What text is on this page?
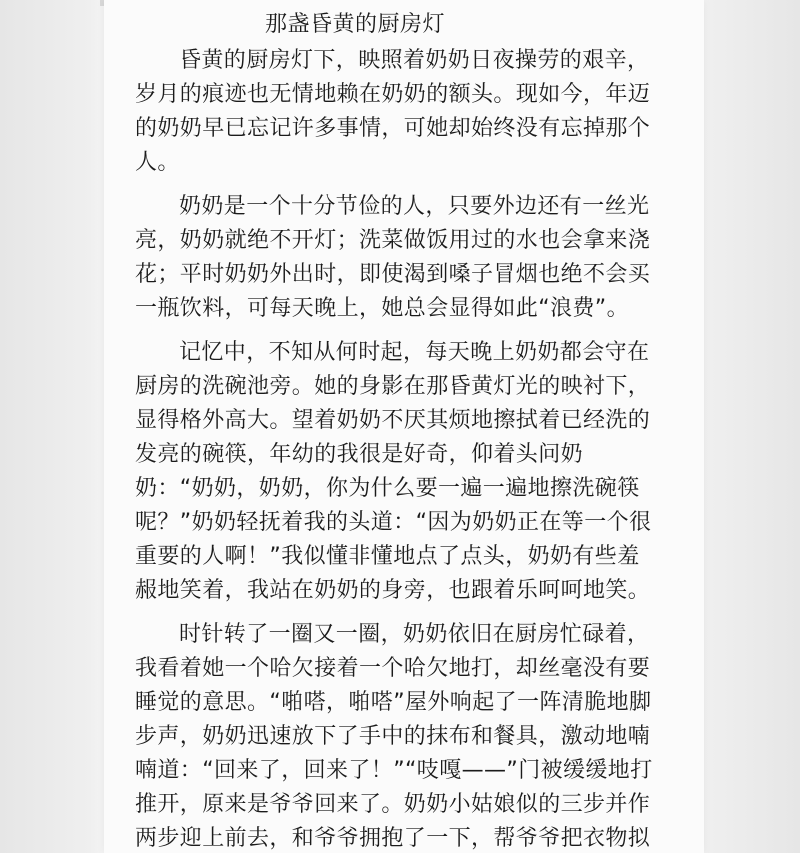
那盏昏黄的厨房灯

昏黄的厨房灯下，映照着奶奶日夜操劳的艰辛，岁月的痕迹也无情地赖在奶奶的额头。现如今，年迈的奶奶早已忘记许多事情，可她却始终没有忘掉那个人。

奶奶是一个十分节俭的人，只要外边还有一丝光亮，奶奶就绝不开灯；洗菜做饭用过的水也会拿来浇花；平时奶奶外出时，即使渴到嗓子冒烟也绝不会买一瓶饮料，可每天晚上，她总会显得如此“浪费”。

记忆中，不知从何时起，每天晚上奶奶都会守在厨房的洗碗池旁。她的身影在那昏黄灯光的映衬下，显得格外高大。望着奶奶不厌其烦地擦拭着已经洗的发亮的碗筷，年幼的我很是好奇，仰着头问奶奶：“奶奶，奶奶，你为什么要一遍一遍地擦洗碗筷呢？”奶奶轻抚着我的头道：“因为奶奶正在等一个很重要的人啊！”我似懂非懂地点了点头，奶奶有些羞赧地笑着，我站在奶奶的身旁，也跟着乐呵呵地笑。

时针转了一圈又一圈，奶奶依旧在厨房忙碌着，我看着她一个哈欠接着一个哈欠地打，却丝毫没有要睡觉的意思。“啪嗒，啪嗒”屋外响起了一阵清脆地脚步声，奶奶迅速放下了手中的抹布和餐具，激动地喃喃道：“回来了，回来了！”“吱嘎——”门被缓缓地打推开，原来是爷爷回来了。奶奶小姑娘似的三步并作两步迎上前去，和爷爷拥抱了一下，帮爷爷把衣物拟
